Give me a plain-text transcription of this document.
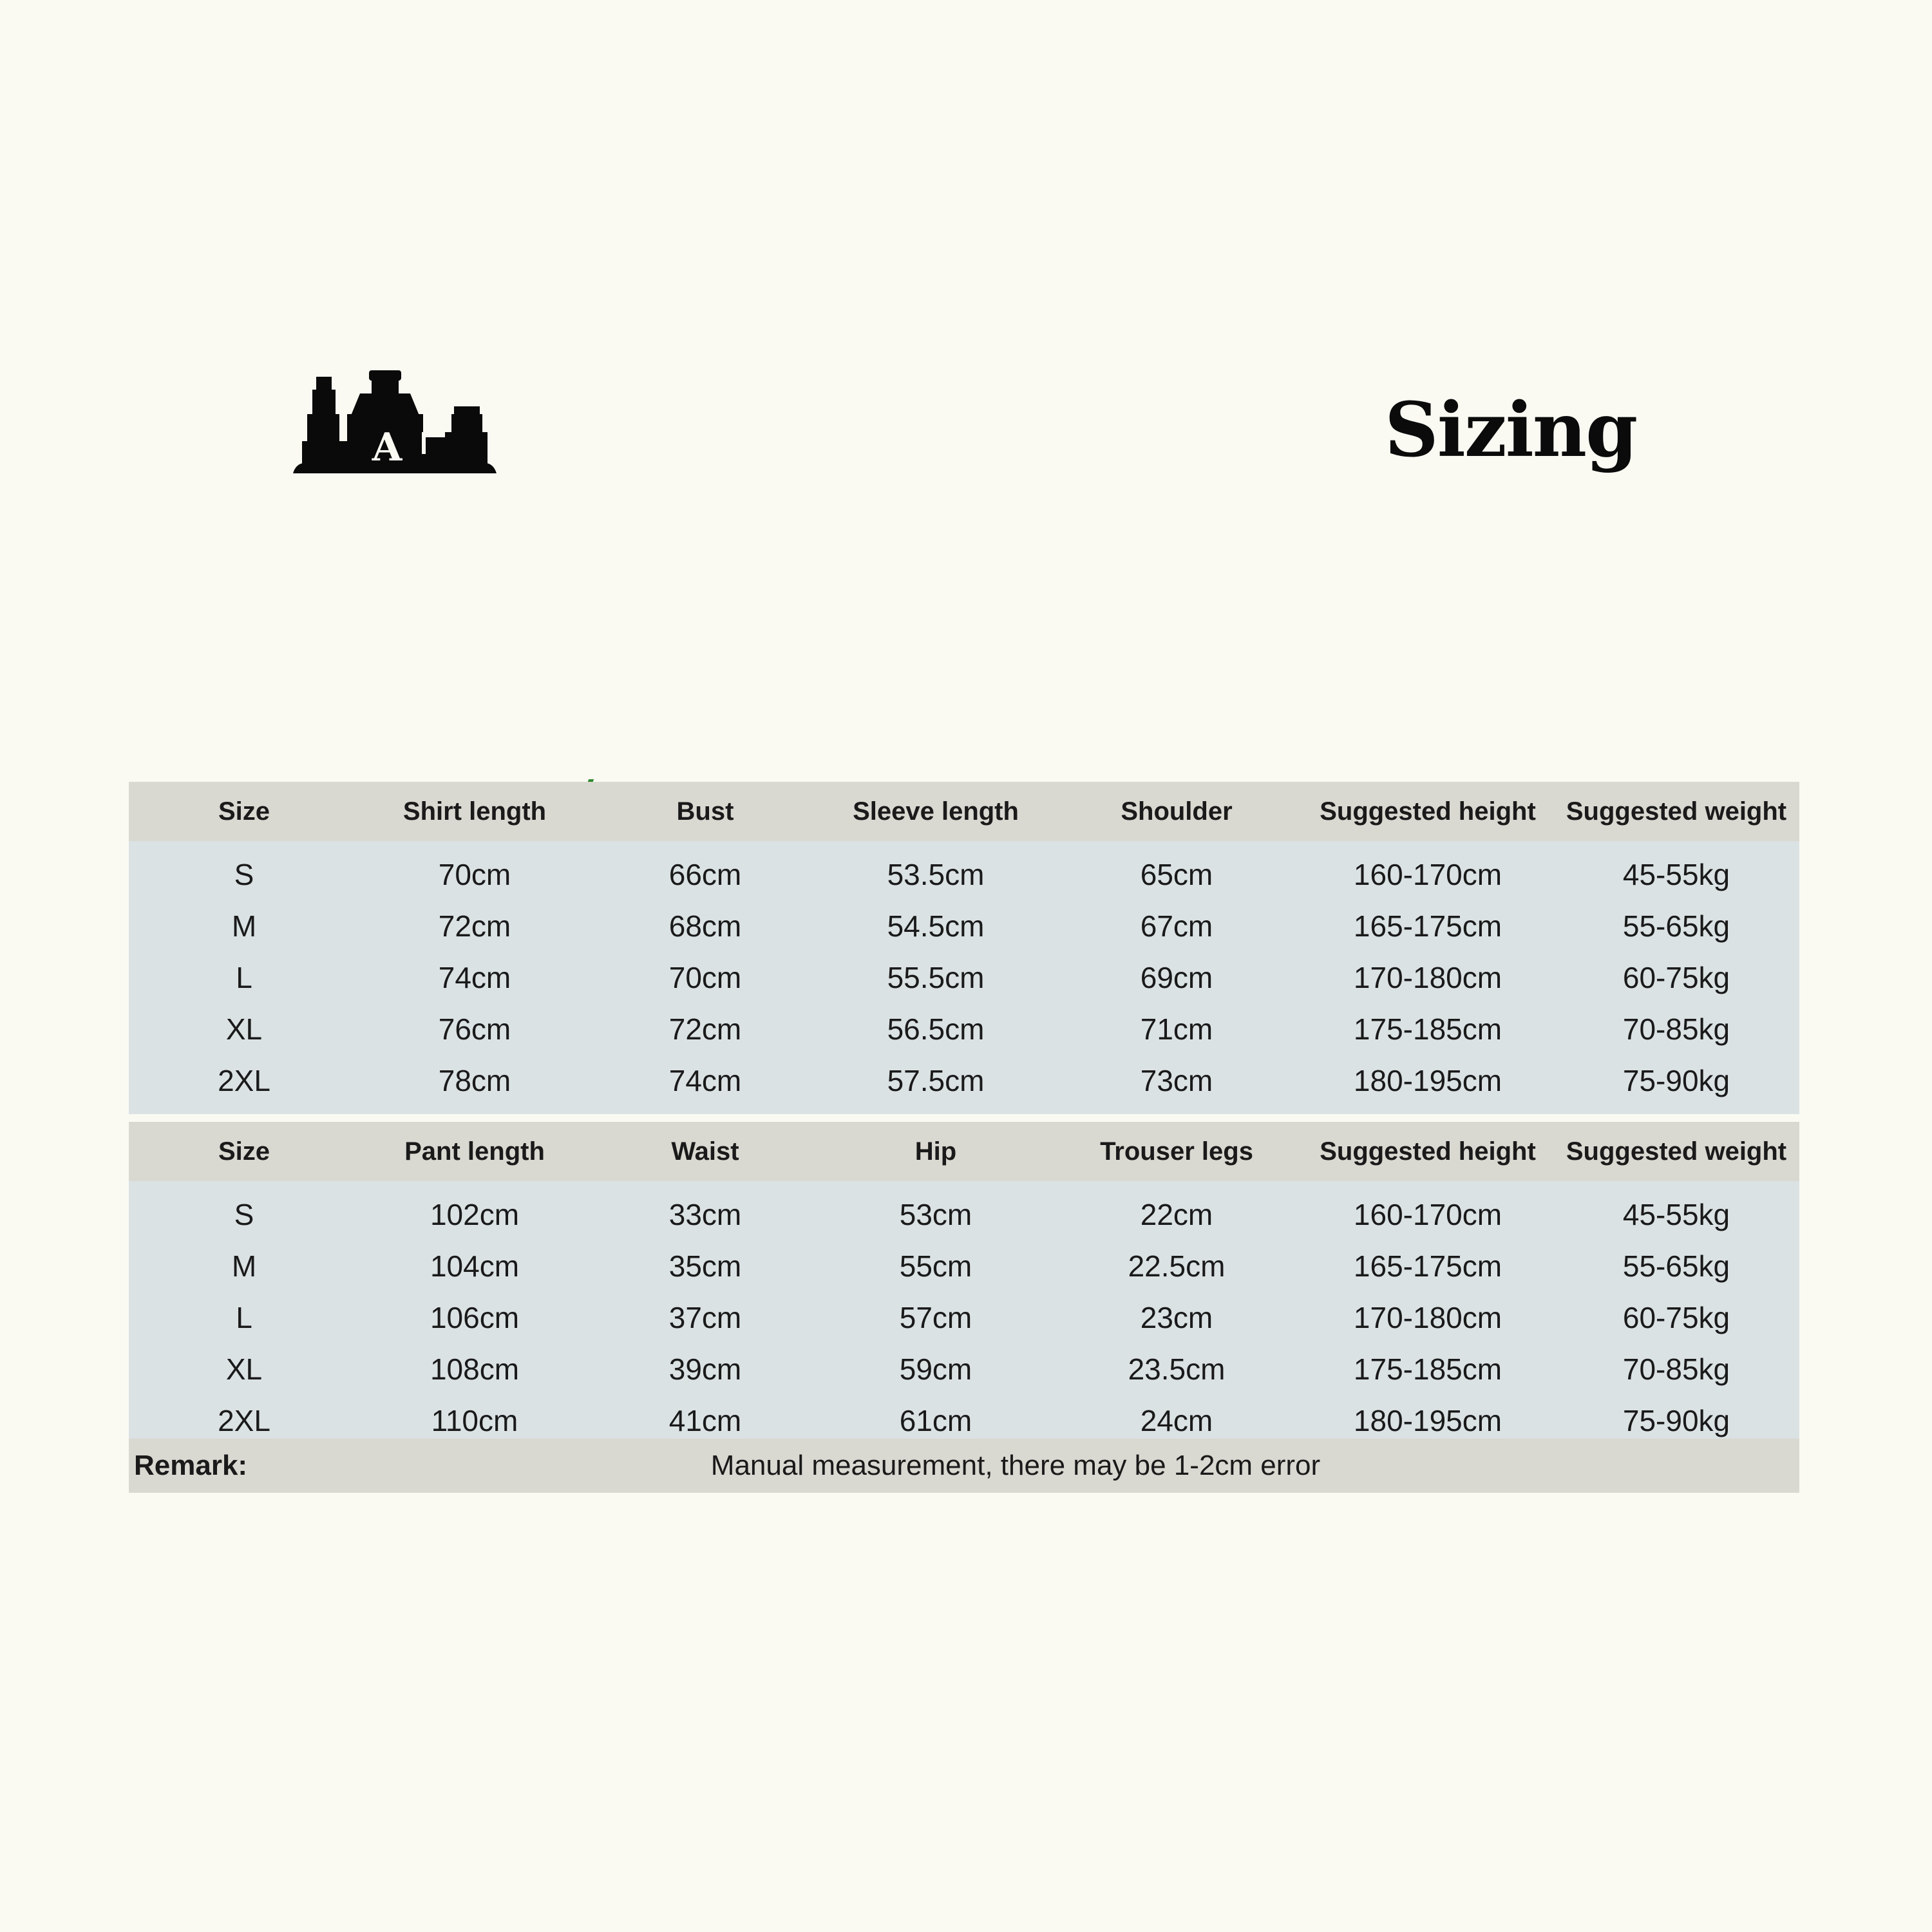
A	Sizing
Size	Shirt length	Bust	Sleeve length	Shoulder	Suggested height	Suggested weight
S	70cm	66cm	53.5cm	65cm	160-170cm	45-55kg
M	72cm	68cm	54.5cm	67cm	165-175cm	55-65kg
L	74cm	70cm	55.5cm	69cm	170-180cm	60-75kg
XL	76cm	72cm	56.5cm	71cm	175-185cm	70-85kg
2XL	78cm	74cm	57.5cm	73cm	180-195cm	75-90kg
Size	Pant length	Waist	Hip	Trouser legs	Suggested height	Suggested weight
S	102cm	33cm	53cm	22cm	160-170cm	45-55kg
M	104cm	35cm	55cm	22.5cm	165-175cm	55-65kg
L	106cm	37cm	57cm	23cm	170-180cm	60-75kg
XL	108cm	39cm	59cm	23.5cm	175-185cm	70-85kg
2XL	110cm	41cm	61cm	24cm	180-195cm	75-90kg
Remark:	Manual measurement, there may be 1-2cm error
